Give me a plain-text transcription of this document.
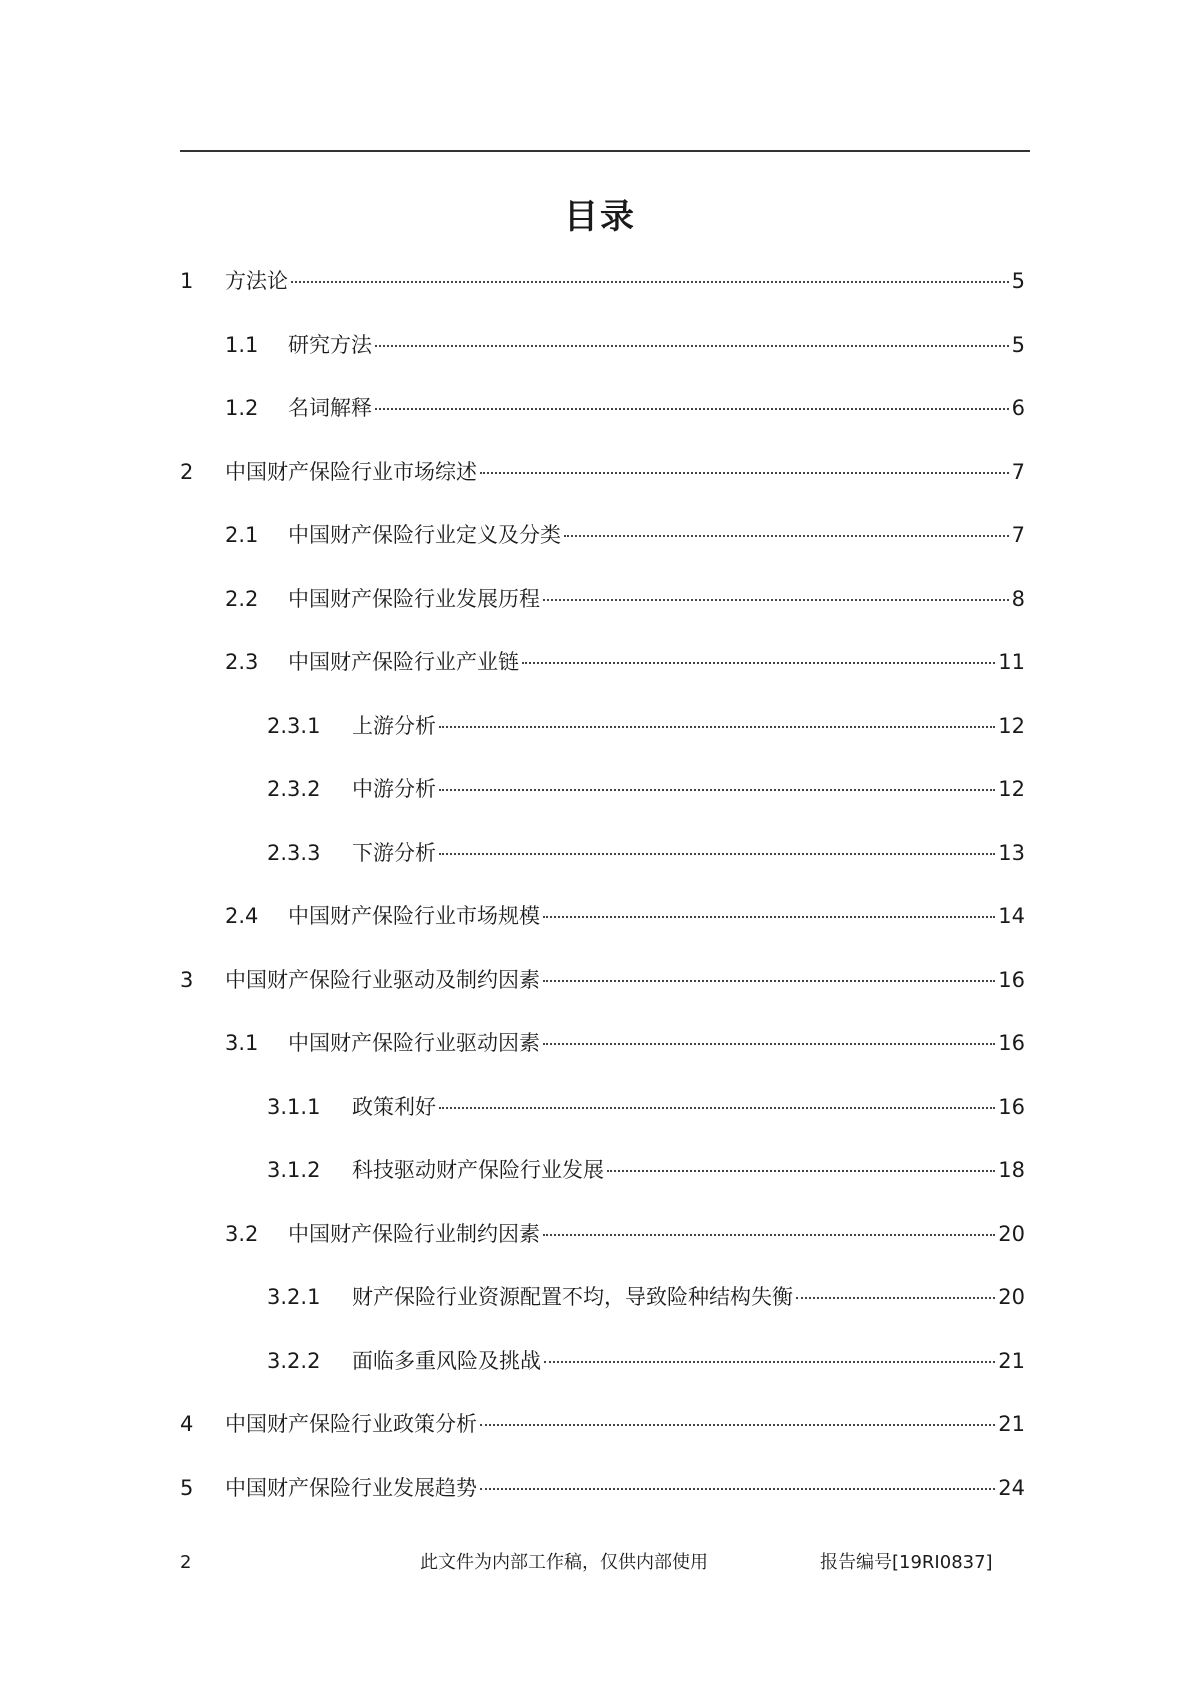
目录
1	方法论	5
1.1	研究方法	5
1.2	名词解释	6
2	中国财产保险行业市场综述	7
2.1	中国财产保险行业定义及分类	7
2.2	中国财产保险行业发展历程	8
2.3	中国财产保险行业产业链	11
2.3.1	上游分析	12
2.3.2	中游分析	12
2.3.3	下游分析	13
2.4	中国财产保险行业市场规模	14
3	中国财产保险行业驱动及制约因素	16
3.1	中国财产保险行业驱动因素	16
3.1.1	政策利好	16
3.1.2	科技驱动财产保险行业发展	18
3.2	中国财产保险行业制约因素	20
3.2.1	财产保险行业资源配置不均，导致险种结构失衡	20
3.2.2	面临多重风险及挑战	21
4	中国财产保险行业政策分析	21
5	中国财产保险行业发展趋势	24
2	此文件为内部工作稿，仅供内部使用	报告编号[19RI0837]
